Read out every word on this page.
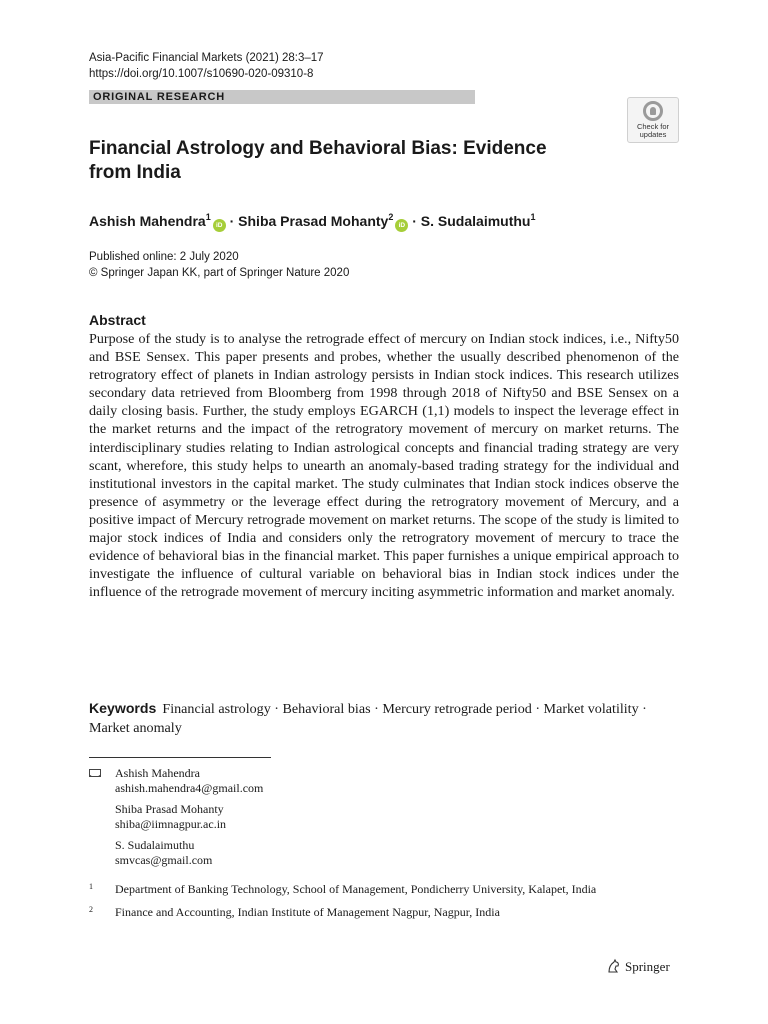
Asia-Pacific Financial Markets (2021) 28:3–17
https://doi.org/10.1007/s10690-020-09310-8
ORIGINAL RESEARCH
Check for
updates
Financial Astrology and Behavioral Bias: Evidence from India
Ashish Mahendra$^1$iD · Shiba Prasad Mohanty$^2$iD · S. Sudalaimuthu$^1$
Published online: 2 July 2020
© Springer Japan KK, part of Springer Nature 2020
Abstract

Purpose of the study is to analyse the retrograde effect of mercury on Indian stock indices, i.e., Nifty50 and BSE Sensex. This paper presents and probes, whether the usually described phenomenon of the retrogratory effect of planets in Indian astrology persists in Indian stock indices. This research utilizes secondary data retrieved from Bloomberg from 1998 through 2018 of Nifty50 and BSE Sensex on a daily closing basis. Further, the study employs EGARCH (1,1) models to inspect the leverage effect in the market returns and the impact of the retrogratory movement of mercury on market returns. The interdisciplinary studies relating to Indian astrological concepts and financial trading strategy are very scant, wherefore, this study helps to unearth an anomaly-based trading strategy for the individual and institutional investors in the capital market. The study culminates that Indian stock indices observe the presence of asymmetry or the leverage effect during the retrogratory movement of Mercury, and a positive impact of Mercury retrograde movement on market returns. The scope of the study is limited to major stock indices of India and considers only the retrogratory movement of mercury to trace the evidence of behavioral bias in the financial market. This paper furnishes a unique empirical approach to investigate the influence of cultural variable on behavioral bias in Indian stock indices under the influence of the retrograde movement of mercury inciting asymmetric information and market anomaly.

Keywords Financial astrology · Behavioral bias · Mercury retrograde period · Market volatility · Market anomaly
Ashish Mahendra
ashish.mahendra4@gmail.com
Shiba Prasad Mohanty
shiba@iimnagpur.ac.in
S. Sudalaimuthu
smvcas@gmail.com
1 Department of Banking Technology, School of Management, Pondicherry University, Kalapet, India
2 Finance and Accounting, Indian Institute of Management Nagpur, Nagpur, India
Springer
